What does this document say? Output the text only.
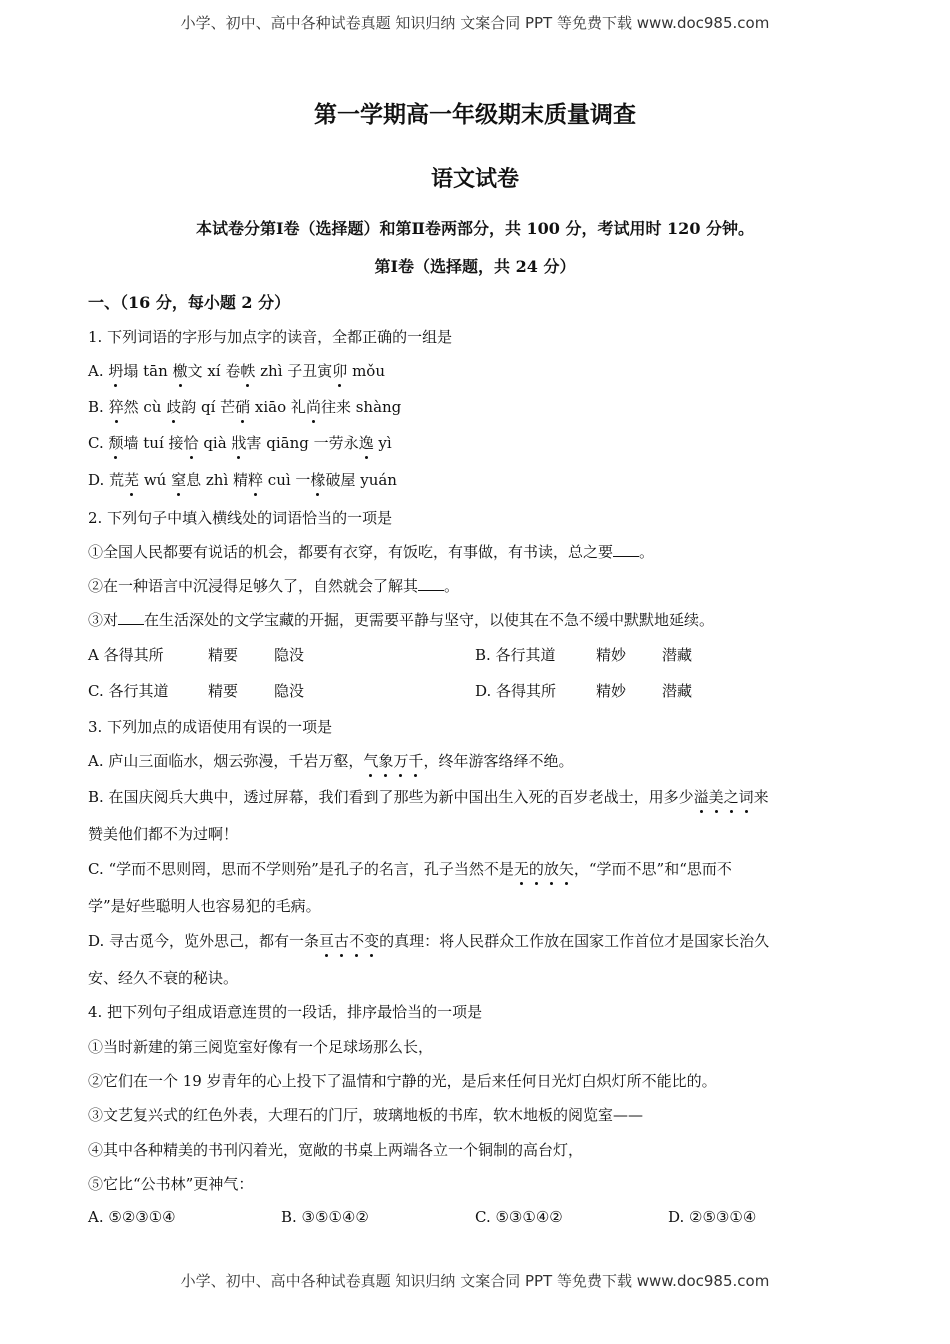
小学、初中、高中各种试卷真题 知识归纳 文案合同 PPT 等免费下载 www.doc985.com
第一学期高一年级期末质量调查
语文试卷
本试卷分第Ⅰ卷（选择题）和第Ⅱ卷两部分，共 100 分，考试用时 120 分钟。
第Ⅰ卷（选择题，共 24 分）
一、（16 分，每小题 2 分）
1. 下列词语的字形与加点字的读音，全都正确的一组是
A. 坍塌 tān 檄文 xí 卷帙 zhì 子丑寅卯 mǒu
B. 猝然 cù 歧韵 qí 芒硝 xiāo 礼尚往来 shàng
C. 颓墙 tuí 接恰 qià 戕害 qiāng 一劳永逸 yì
D. 荒芜 wú 窒息 zhì 精粹 cuì 一椽破屋 yuán
2. 下列句子中填入横线处的词语恰当的一项是
①全国人民都要有说话的机会，都要有衣穿，有饭吃，有事做，有书读，总之要 。
②在一种语言中沉浸得足够久了，自然就会了解其 。
③对 在生活深处的文学宝藏的开掘，更需要平静与坚守，以使其在不急不缓中默默地延续。
A 各得其所	精要 隐没	B. 各行其道	精妙 潜藏
C. 各行其道	精要 隐没	D. 各得其所	精妙 潜藏
3. 下列加点的成语使用有误的一项是
A. 庐山三面临水，烟云弥漫，千岩万壑，气象万千，终年游客络绎不绝。
B. 在国庆阅兵大典中，透过屏幕，我们看到了那些为新中国出生入死的百岁老战士，用多少溢美之词来
赞美他们都不为过啊！
C. “学而不思则罔，思而不学则殆”是孔子的名言，孔子当然不是无的放矢，“学而不思”和“思而不
学”是好些聪明人也容易犯的毛病。
D. 寻古觅今，览外思己，都有一条亘古不变的真理：将人民群众工作放在国家工作首位才是国家长治久
安、经久不衰的秘诀。
4. 把下列句子组成语意连贯的一段话，排序最恰当的一项是
①当时新建的第三阅览室好像有一个足球场那么长，
②它们在一个 19 岁青年的心上投下了温情和宁静的光，是后来任何日光灯白炽灯所不能比的。
③文艺复兴式的红色外表，大理石的门厅，玻璃地板的书库，软木地板的阅览室——
④其中各种精美的书刊闪着光，宽敞的书桌上两端各立一个铜制的高台灯，
⑤它比“公书林”更神气：
A. ⑤②③①④	B. ③⑤①④②	C. ⑤③①④②	D. ②⑤③①④
小学、初中、高中各种试卷真题 知识归纳 文案合同 PPT 等免费下载 www.doc985.com
